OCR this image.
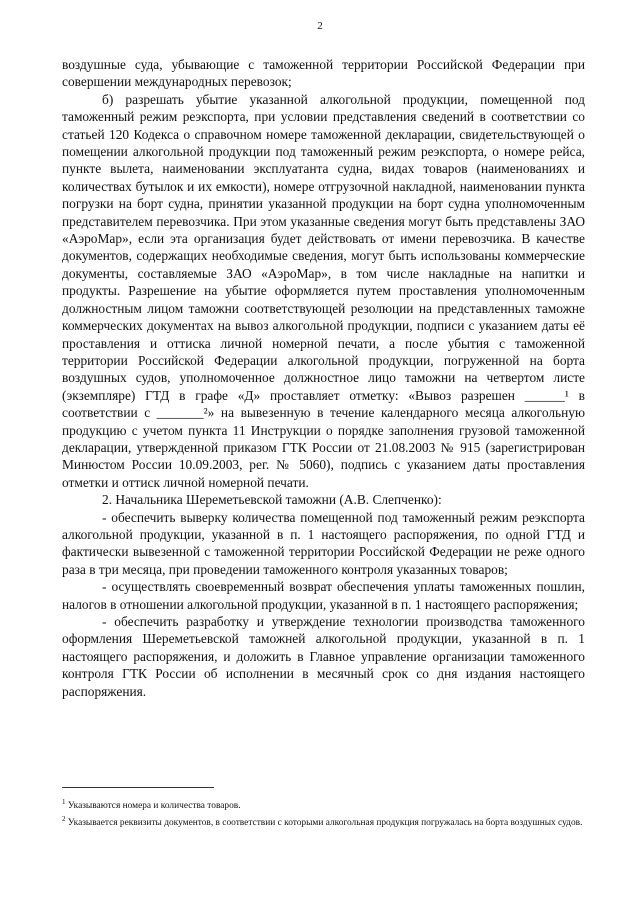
2

воздушные суда, убывающие с таможенной территории Российской Федерации при совершении международных перевозок;

б) разрешать убытие указанной алкогольной продукции, помещенной под таможенный режим реэкспорта, при условии представления сведений в соответствии со статьей 120 Кодекса о справочном номере таможенной декларации, свидетельствующей о помещении алкогольной продукции под таможенный режим реэкспорта, о номере рейса, пункте вылета, наименовании эксплуатанта судна, видах товаров (наименованиях и количествах бутылок и их емкости), номере отгрузочной накладной, наименовании пункта погрузки на борт судна, принятии указанной продукции на борт судна уполномоченным представителем перевозчика. При этом указанные сведения могут быть представлены ЗАО «АэроМар», если эта организация будет действовать от имени перевозчика. В качестве документов, содержащих необходимые сведения, могут быть использованы коммерческие документы, составляемые ЗАО «АэроМар», в том числе накладные на напитки и продукты. Разрешение на убытие оформляется путем проставления уполномоченным должностным лицом таможни соответствующей резолюции на представленных таможне коммерческих документах на вывоз алкогольной продукции, подписи с указанием даты её проставления и оттиска личной номерной печати, а после убытия с таможенной территории Российской Федерации алкогольной продукции, погруженной на борта воздушных судов, уполномоченное должностное лицо таможни на четвертом листе (экземпляре) ГТД в графе «Д» проставляет отметку: «Вывоз разрешен ______¹ в соответствии с _______²» на вывезенную в течение календарного месяца алкогольную продукцию с учетом пункта 11 Инструкции о порядке заполнения грузовой таможенной декларации, утвержденной приказом ГТК России от 21.08.2003 № 915 (зарегистрирован Минюстом России 10.09.2003, рег. № 5060), подпись с указанием даты проставления отметки и оттиск личной номерной печати.

2. Начальника Шереметьевской таможни (А.В. Слепченко):

- обеспечить выверку количества помещенной под таможенный режим реэкспорта алкогольной продукции, указанной в п. 1 настоящего распоряжения, по одной ГТД и фактически вывезенной с таможенной территории Российской Федерации не реже одного раза в три месяца, при проведении таможенного контроля указанных товаров;

- осуществлять своевременный возврат обеспечения уплаты таможенных пошлин, налогов в отношении алкогольной продукции, указанной в п. 1 настоящего распоряжения;

- обеспечить разработку и утверждение технологии производства таможенного оформления Шереметьевской таможней алкогольной продукции, указанной в п. 1 настоящего распоряжения, и доложить в Главное управление организации таможенного контроля ГТК России об исполнении в месячный срок со дня издания настоящего распоряжения.

$^1$ Указываются номера и количества товаров.

$^2$ Указывается реквизиты документов, в соответствии с которыми алкогольная продукция погружалась на борта воздушных судов.
